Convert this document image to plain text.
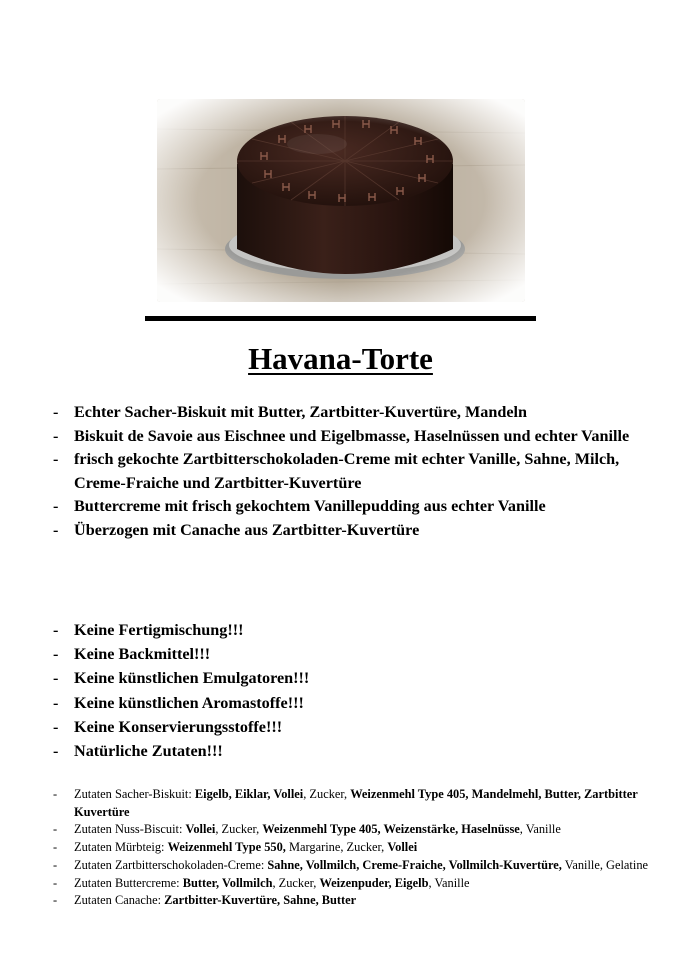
Havana-Torte
- Echter Sacher-Biskuit mit Butter, Zartbitter-Kuvertüre, Mandeln
- Biskuit de Savoie aus Eischnee und Eigelbmasse, Haselnüssen und echter Vanille
- frisch gekochte Zartbitterschokoladen-Creme mit echter Vanille, Sahne, Milch, Creme-Fraiche und Zartbitter-Kuvertüre
- Buttercreme mit frisch gekochtem Vanillepudding aus echter Vanille
- Überzogen mit Canache aus Zartbitter-Kuvertüre
- Keine Fertigmischung!!!
- Keine Backmittel!!!
- Keine künstlichen Emulgatoren!!!
- Keine künstlichen Aromastoffe!!!
- Keine Konservierungsstoffe!!!
- Natürliche Zutaten!!!
- Zutaten Sacher-Biskuit: Eigelb, Eiklar, Vollei, Zucker, Weizenmehl Type 405, Mandelmehl, Butter, Zartbitter Kuvertüre
- Zutaten Nuss-Biscuit: Vollei, Zucker, Weizenmehl Type 405, Weizenstärke, Haselnüsse, Vanille
- Zutaten Mürbteig: Weizenmehl Type 550, Margarine, Zucker, Vollei
- Zutaten Zartbitterschokoladen-Creme: Sahne, Vollmilch, Creme-Fraiche, Vollmilch-Kuvertüre, Vanille, Gelatine
- Zutaten Buttercreme: Butter, Vollmilch, Zucker, Weizenpuder, Eigelb, Vanille
- Zutaten Canache: Zartbitter-Kuvertüre, Sahne, Butter
